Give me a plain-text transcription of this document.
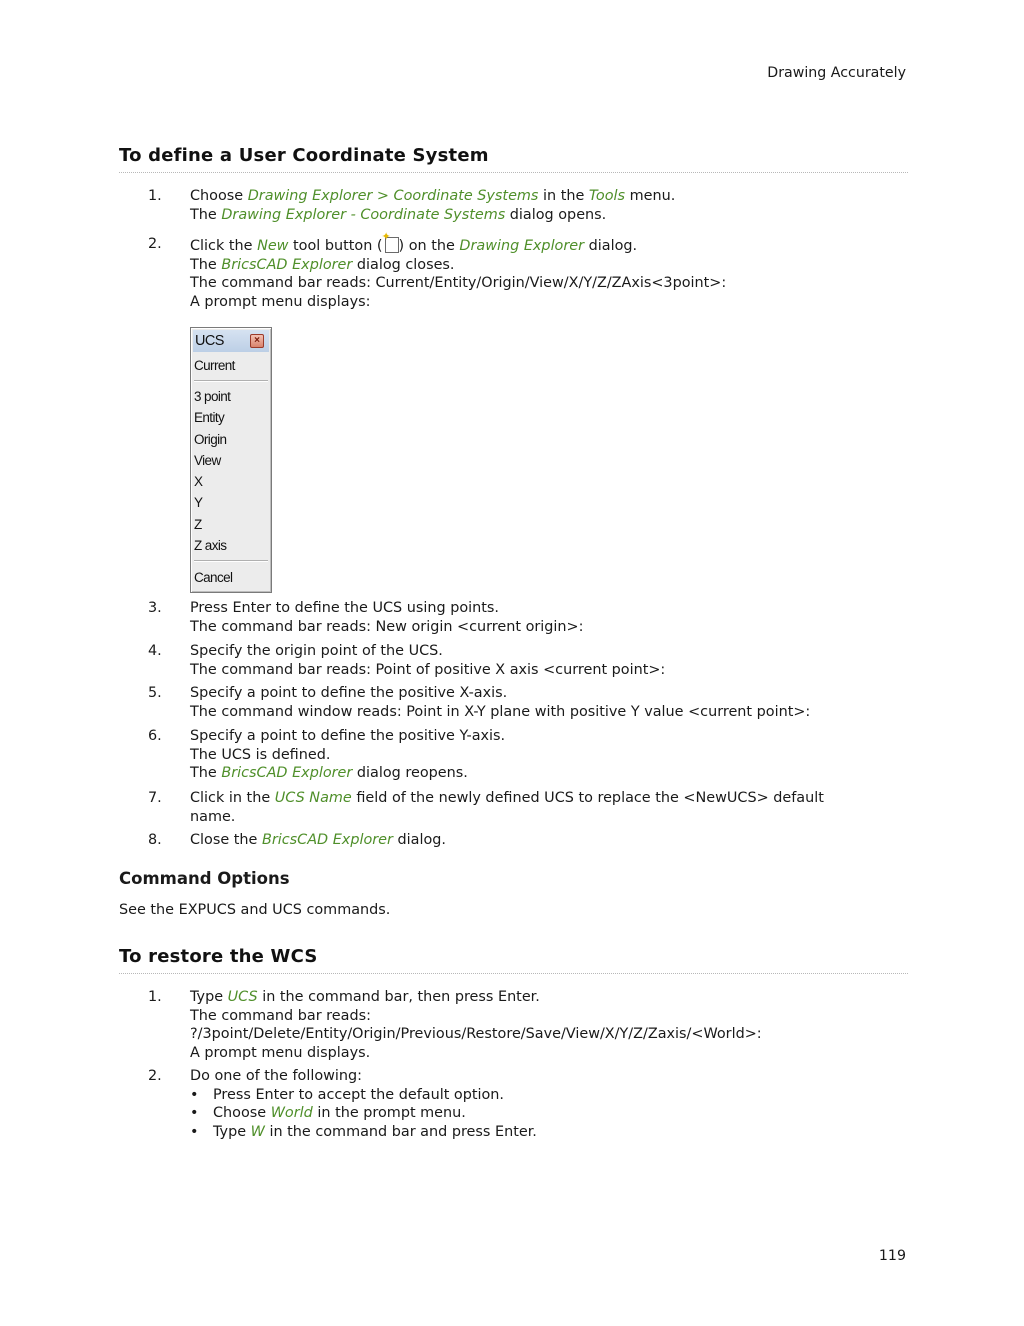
Drawing Accurately
To define a User Coordinate System
1. Choose Drawing Explorer > Coordinate Systems in the Tools menu.
The Drawing Explorer - Coordinate Systems dialog opens.
2. Click the New tool button (
✦
) on the Drawing Explorer dialog.
The BricsCAD Explorer dialog closes.
The command bar reads: Current/Entity/Origin/View/X/Y/Z/ZAxis<3point>:
A prompt menu displays:
UCS	×
Current
3 point
Entity
Origin
View
X
Y
Z
Z axis
Cancel
3. Press Enter to define the UCS using points.
The command bar reads: New origin <current origin>:
4. Specify the origin point of the UCS.
The command bar reads: Point of positive X axis <current point>:
5. Specify a point to define the positive X-axis.
The command window reads: Point in X-Y plane with positive Y value <current point>:
6. Specify a point to define the positive Y-axis.
The UCS is defined.
The BricsCAD Explorer dialog reopens.
7. Click in the UCS Name field of the newly defined UCS to replace the <NewUCS> default
name.
8. Close the BricsCAD Explorer dialog.
Command Options
See the EXPUCS and UCS commands.
To restore the WCS
1. Type UCS in the command bar, then press Enter.
The command bar reads:
?/3point/Delete/Entity/Origin/Previous/Restore/Save/View/X/Y/Z/Zaxis/<World>:
A prompt menu displays.
2. Do one of the following:
• Press Enter to accept the default option.
• Choose World in the prompt menu.
• Type W in the command bar and press Enter.
119
